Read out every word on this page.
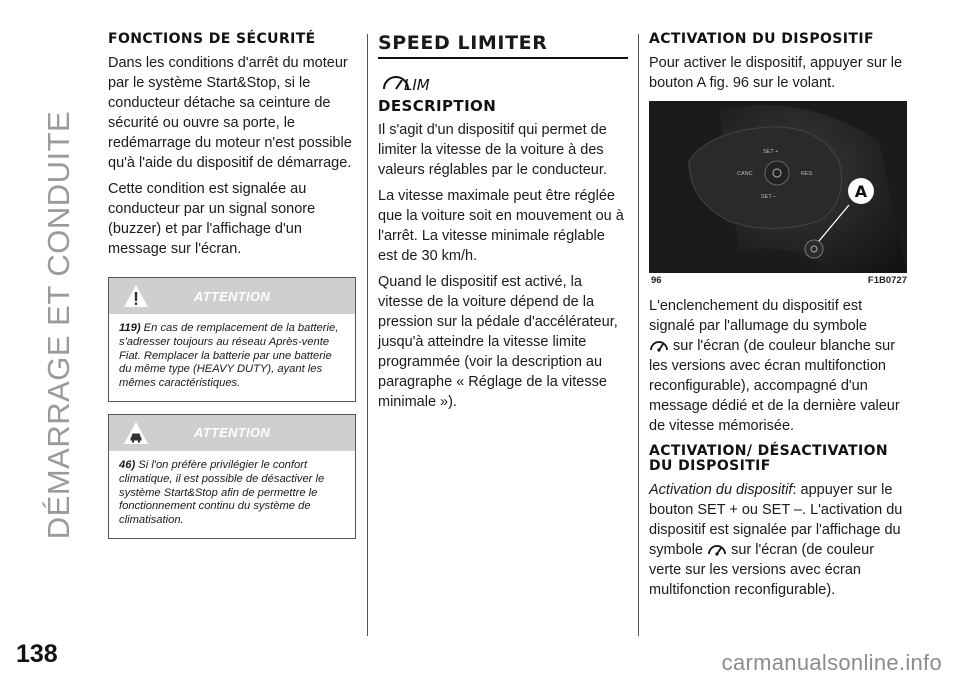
DÉMARRAGE ET CONDUITE
FONCTIONS DE SÉCURITÉ

Dans les conditions d'arrêt du moteur par le système Start&Stop, si le conducteur détache sa ceinture de sécurité ou ouvre sa porte, le redémarrage du moteur n'est possible qu'à l'aide du dispositif de démarrage.

Cette condition est signalée au conducteur par un signal sonore (buzzer) et par l'affichage d'un message sur l'écran.

ATTENTION
119) En cas de remplacement de la batterie, s'adresser toujours au réseau Après-vente Fiat. Remplacer la batterie par une batterie du même type (HEAVY DUTY), ayant les mêmes caractéristiques.
ATTENTION
46) Si l'on préfère privilégier le confort climatique, il est possible de désactiver le système Start&Stop afin de permettre le fonctionnement continu du système de climatisation.
SPEED LIMITER
LIM
DESCRIPTION

Il s'agit d'un dispositif qui permet de limiter la vitesse de la voiture à des valeurs réglables par le conducteur.

La vitesse maximale peut être réglée que la voiture soit en mouvement ou à l'arrêt. La vitesse minimale réglable est de 30 km/h.

Quand le dispositif est activé, la vitesse de la voiture dépend de la pression sur la pédale d'accélérateur, jusqu'à atteindre la vitesse limite programmée (voir la description au paragraphe « Réglage de la vitesse minimale »).

ACTIVATION DU DISPOSITIF

Pour activer le dispositif, appuyer sur le bouton A fig. 96 sur le volant.

A
SET +
SET –
CANC	RES
96	F1B0727

L'enclenchement du dispositif est signalé par l'allumage du symbole
sur l'écran (de couleur blanche sur les versions avec écran multifonction reconfigurable), accompagné d'un message dédié et de la dernière valeur de vitesse mémorisée.

ACTIVATION/ DÉSACTIVATION DU DISPOSITIF

Activation du dispositif: appuyer sur le bouton SET + ou SET –. L'activation du dispositif est signalée par l'affichage du symbole sur l'écran (de couleur verte sur les versions avec écran multifonction reconfigurable).

138	carmanualsonline.info
